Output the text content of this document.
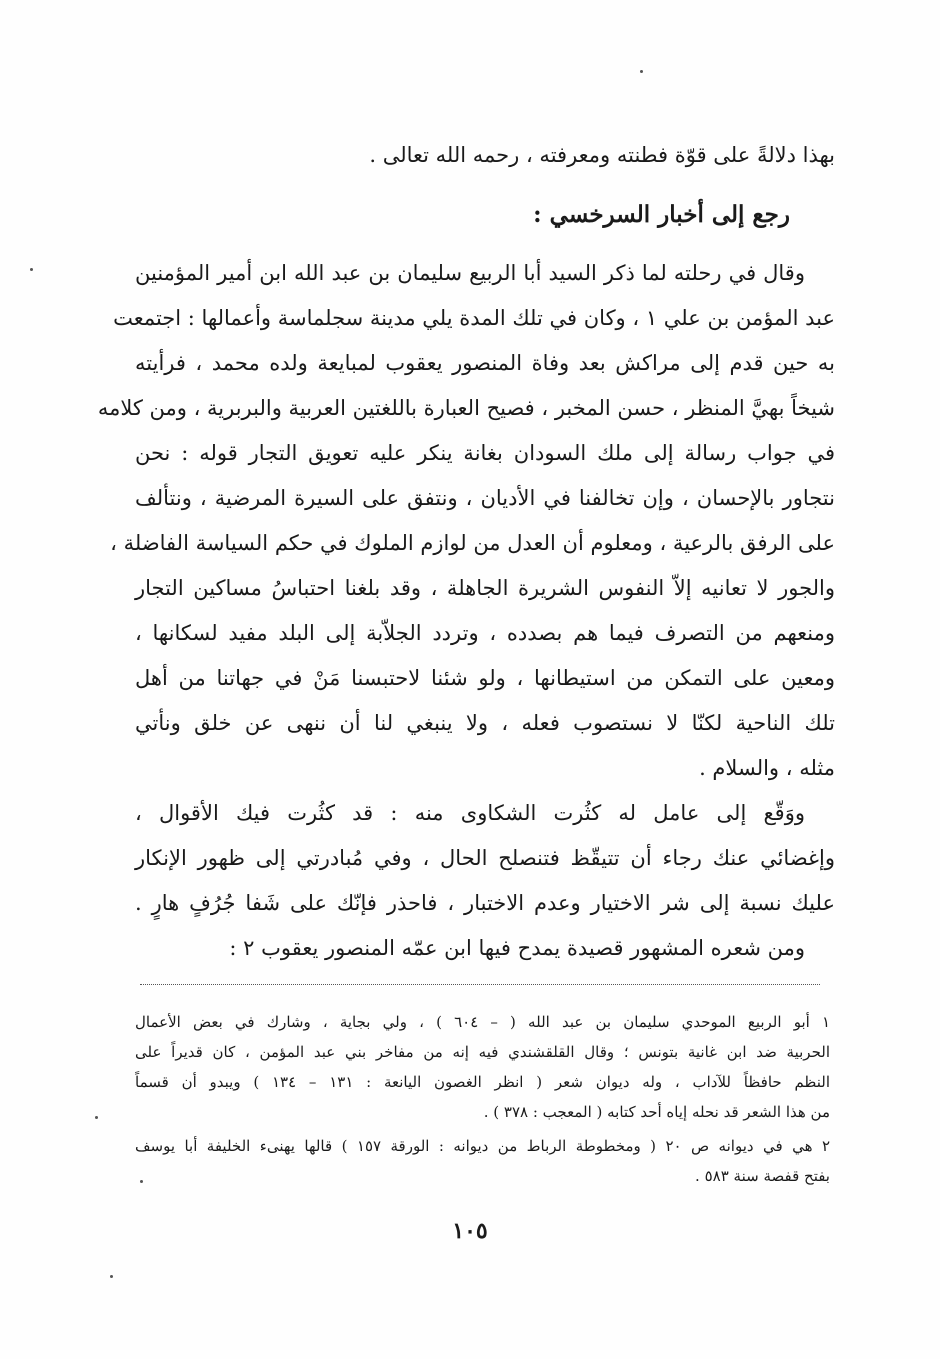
بهذا دلالةً على قوّة فطنته ومعرفته ، رحمه الله تعالى .
رجع إلى أخبار السرخسي :
وقال في رحلته لما ذكر السيد أبا الربيع سليمان بن عبد الله ابن أمير المؤمنين
عبد المؤمن بن علي ١ ، وكان في تلك المدة يلي مدينة سجلماسة وأعمالها : اجتمعت
به حين قدم إلى مراكش بعد وفاة المنصور يعقوب لمبايعة ولده محمد ، فرأيته
شيخاً بهيَّ المنظر ، حسن المخبر ، فصيح العبارة باللغتين العربية والبربرية ، ومن كلامه
في جواب رسالة إلى ملك السودان بغانة ينكر عليه تعويق التجار قوله : نحن
نتجاور بالإحسان ، وإن تخالفنا في الأديان ، ونتفق على السيرة المرضية ، ونتألف
على الرفق بالرعية ، ومعلوم أن العدل من لوازم الملوك في حكم السياسة الفاضلة ،
والجور لا تعانيه إلاّ النفوس الشريرة الجاهلة ، وقد بلغنا احتباسُ مساكين التجار
ومنعهم من التصرف فيما هم بصدده ، وتردد الجلاّبة إلى البلد مفيد لسكانها ،
ومعين على التمكن من استيطانها ، ولو شئنا لاحتبسنا مَنْ في جهاتنا من أهل
تلك الناحية لكنّا لا نستصوب فعله ، ولا ينبغي لنا أن ننهى عن خلق ونأتي
مثله ، والسلام .
ووَقّع إلى عامل له كثُرت الشكاوى منه : قد كثُرت فيك الأقوال ،
وإغضائي عنك رجاء أن تتيقّظ فتنصلح الحال ، وفي مُبادرتي إلى ظهور الإنكار
عليك نسبة إلى شر الاختيار وعدم الاختبار ، فاحذر فإنّك على شَفا جُرُفٍ هارٍ .
ومن شعره المشهور قصيدة يمدح فيها ابن عمّه المنصور يعقوب ٢ :
١ أبو الربيع الموحدي سليمان بن عبد الله ( – ٦٠٤ ) ، ولي بجاية ، وشارك في بعض الأعمال
الحربية ضد ابن غانية بتونس ؛ وقال القلقشندي فيه إنه من مفاخر بني عبد المؤمن ، كان قديراً على
النظم حافظاً للآداب ، وله ديوان شعر ( انظر الغصون اليانعة : ١٣١ – ١٣٤ ) ويبدو أن قسماً
من هذا الشعر قد نحله إياه أحد كتابه ( المعجب : ٣٧٨ ) .
٢ هي في ديوانه ص ٢٠ ( ومخطوطة الرباط من ديوانه : الورقة ١٥٧ ) قالها يهنىء الخليفة أبا يوسف
بفتح قفصة سنة ٥٨٣ .
١٠٥
